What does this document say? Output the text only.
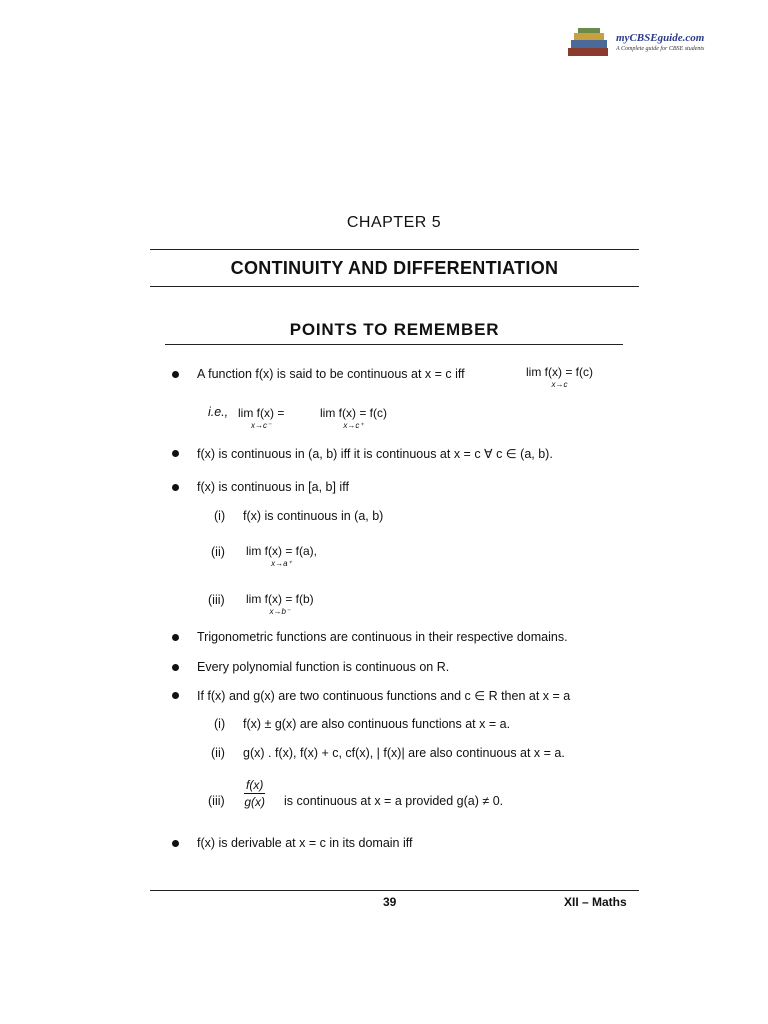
myCBSEguide.com
A Complete guide for CBSE students
CHAPTER 5
CONTINUITY AND DIFFERENTIATION
POINTS TO REMEMBER
A function f(x) is said to be continuous at x = c iff	lim f(x) = f(c)
x→c
i.e., lim f(x) =
x→c⁻
lim f(x) = f(c)
x→c⁺
f(x) is continuous in (a, b) iff it is continuous at x = c ∀ c ∈ (a, b).
f(x) is continuous in [a, b] iff
(i) f(x) is continuous in (a, b)
(ii) lim f(x) = f(a),
x→a⁺
(iii) lim f(x) = f(b)
x→b⁻
Trigonometric functions are continuous in their respective domains.
Every polynomial function is continuous on R.
If f(x) and g(x) are two continuous functions and c ∈ R then at x = a
(i) f(x) ± g(x) are also continuous functions at x = a.
(ii) g(x) . f(x), f(x) + c, cf(x), | f(x)| are also continuous at x = a.
$(iii) \frac{f(x)}{g(x)}$ is continuous at x = a provided g(a) ≠ 0.
f(x) is derivable at x = c in its domain iff
39	XII – Maths
